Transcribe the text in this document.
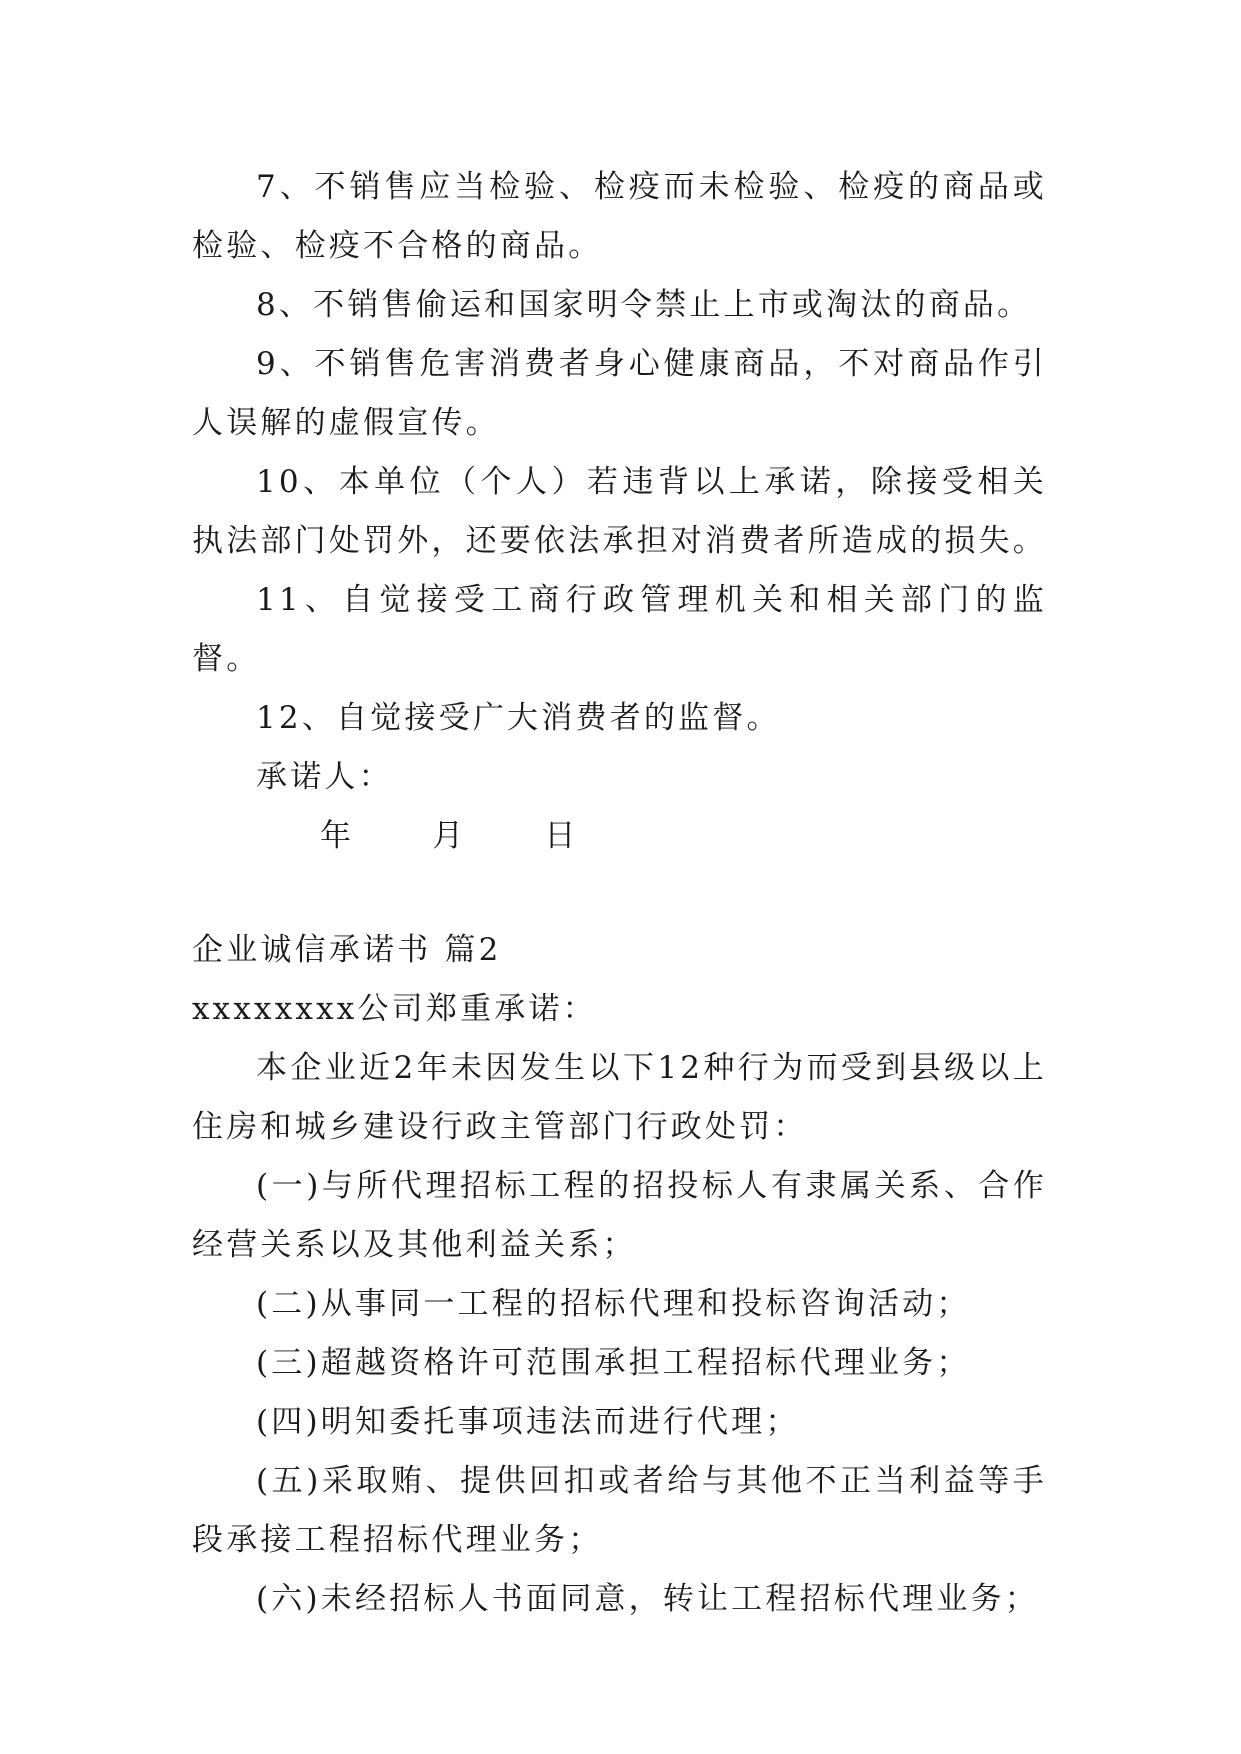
7、不销售应当检验、检疫而未检验、检疫的商品或检验、检疫不合格的商品。

8、不销售偷运和国家明令禁止上市或淘汰的商品。

9、不销售危害消费者身心健康商品，不对商品作引人误解的虚假宣传。

10、本单位（个人）若违背以上承诺，除接受相关执法部门处罚外，还要依法承担对消费者所造成的损失。

11、自觉接受工商行政管理机关和相关部门的监督。

12、自觉接受广大消费者的监督。

承诺人：

年	月	日

企业诚信承诺书 篇2

xxxxxxxx公司郑重承诺：

本企业近2年未因发生以下12种行为而受到县级以上住房和城乡建设行政主管部门行政处罚：

(一)与所代理招标工程的招投标人有隶属关系、合作经营关系以及其他利益关系；

(二)从事同一工程的招标代理和投标咨询活动；

(三)超越资格许可范围承担工程招标代理业务；

(四)明知委托事项违法而进行代理；

(五)采取贿、提供回扣或者给与其他不正当利益等手段承接工程招标代理业务；

(六)未经招标人书面同意，转让工程招标代理业务；
